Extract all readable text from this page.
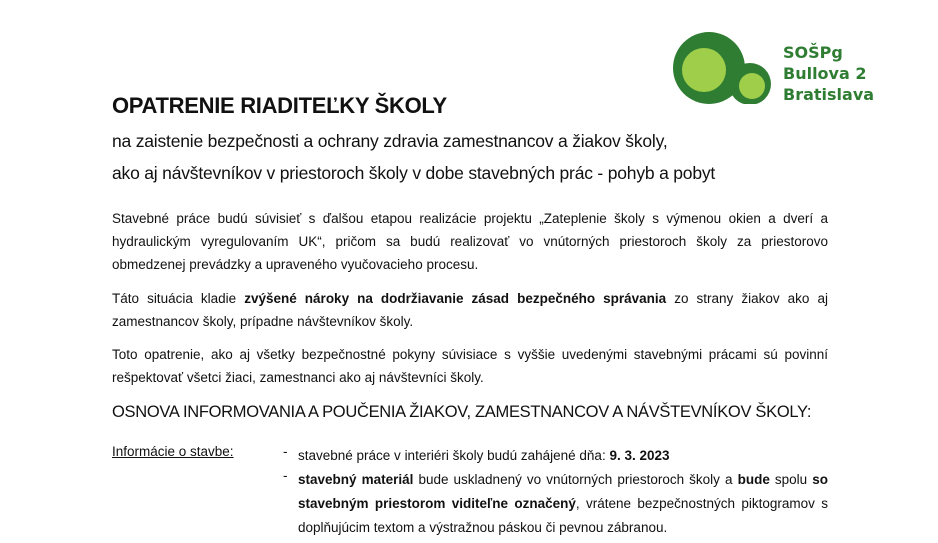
SOŠPg
Bullova 2
Bratislava
OPATRENIE RIADITEĽKY ŠKOLY
na zaistenie bezpečnosti a ochrany zdravia zamestnancov a žiakov školy,
ako aj návštevníkov v priestoroch školy v dobe stavebných prác - pohyb a pobyt
Stavebné práce budú súvisieť s ďalšou etapou realizácie projektu „Zateplenie školy s výmenou okien a dverí a hydraulickým vyregulovaním UK“, pričom sa budú realizovať vo vnútorných priestoroch školy za priestorovo obmedzenej prevádzky a upraveného vyučovacieho procesu.
Táto situácia kladie zvýšené nároky na dodržiavanie zásad bezpečného správania zo strany žiakov ako aj zamestnancov školy, prípadne návštevníkov školy.
Toto opatrenie, ako aj všetky bezpečnostné pokyny súvisiace s vyššie uvedenými stavebnými prácami sú povinní rešpektovať všetci žiaci, zamestnanci ako aj návštevníci školy.
OSNOVA INFORMOVANIA A POUČENIA ŽIAKOV, ZAMESTNANCOV A NÁVŠTEVNÍKOV ŠKOLY:
Informácie o stavbe:	- stavebné práce v interiéri školy budú zahájené dňa: 9. 3. 2023
- stavebný materiál bude uskladnený vo vnútorných priestoroch školy a bude spolu so stavebným priestorom viditeľne označený, vrátene bezpečnostných piktogramov s doplňujúcim textom a výstražnou páskou či pevnou zábranou.
